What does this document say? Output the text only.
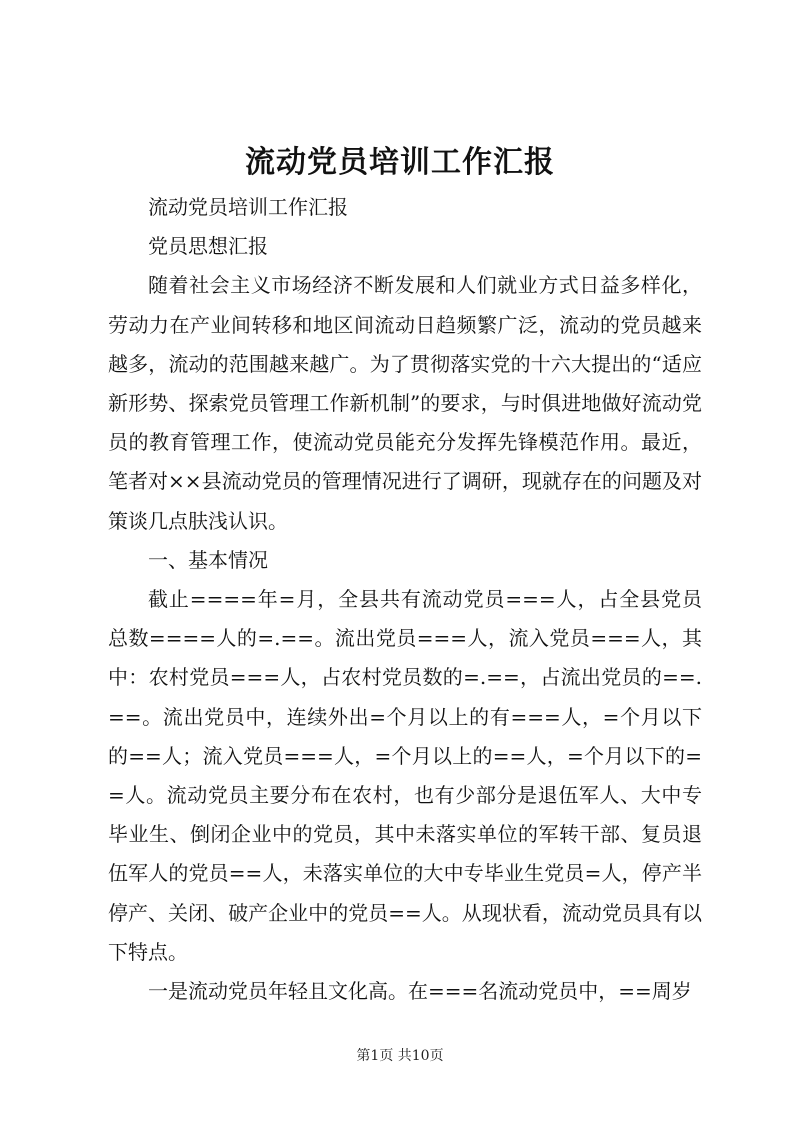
流动党员培训工作汇报

流动党员培训工作汇报

党员思想汇报

随着社会主义市场经济不断发展和人们就业方式日益多样化，劳动力在产业间转移和地区间流动日趋频繁广泛，流动的党员越来越多，流动的范围越来越广。为了贯彻落实党的十六大提出的“适应新形势、探索党员管理工作新机制”的要求，与时俱进地做好流动党员的教育管理工作，使流动党员能充分发挥先锋模范作用。最近，笔者对××县流动党员的管理情况进行了调研，现就存在的问题及对策谈几点肤浅认识。

一、基本情况

截止====年=月，全县共有流动党员===人，占全县党员总数====人的=.==。流出党员===人，流入党员===人，其中：农村党员===人，占农村党员数的=.==，占流出党员的==.==。流出党员中，连续外出=个月以上的有===人，=个月以下的==人；流入党员===人，=个月以上的==人，=个月以下的==人。流动党员主要分布在农村，也有少部分是退伍军人、大中专毕业生、倒闭企业中的党员，其中未落实单位的军转干部、复员退伍军人的党员==人，未落实单位的大中专毕业生党员=人，停产半停产、关闭、破产企业中的党员==人。从现状看，流动党员具有以下特点。

一是流动党员年轻且文化高。在===名流动党员中，==周岁

第1页 共10页
